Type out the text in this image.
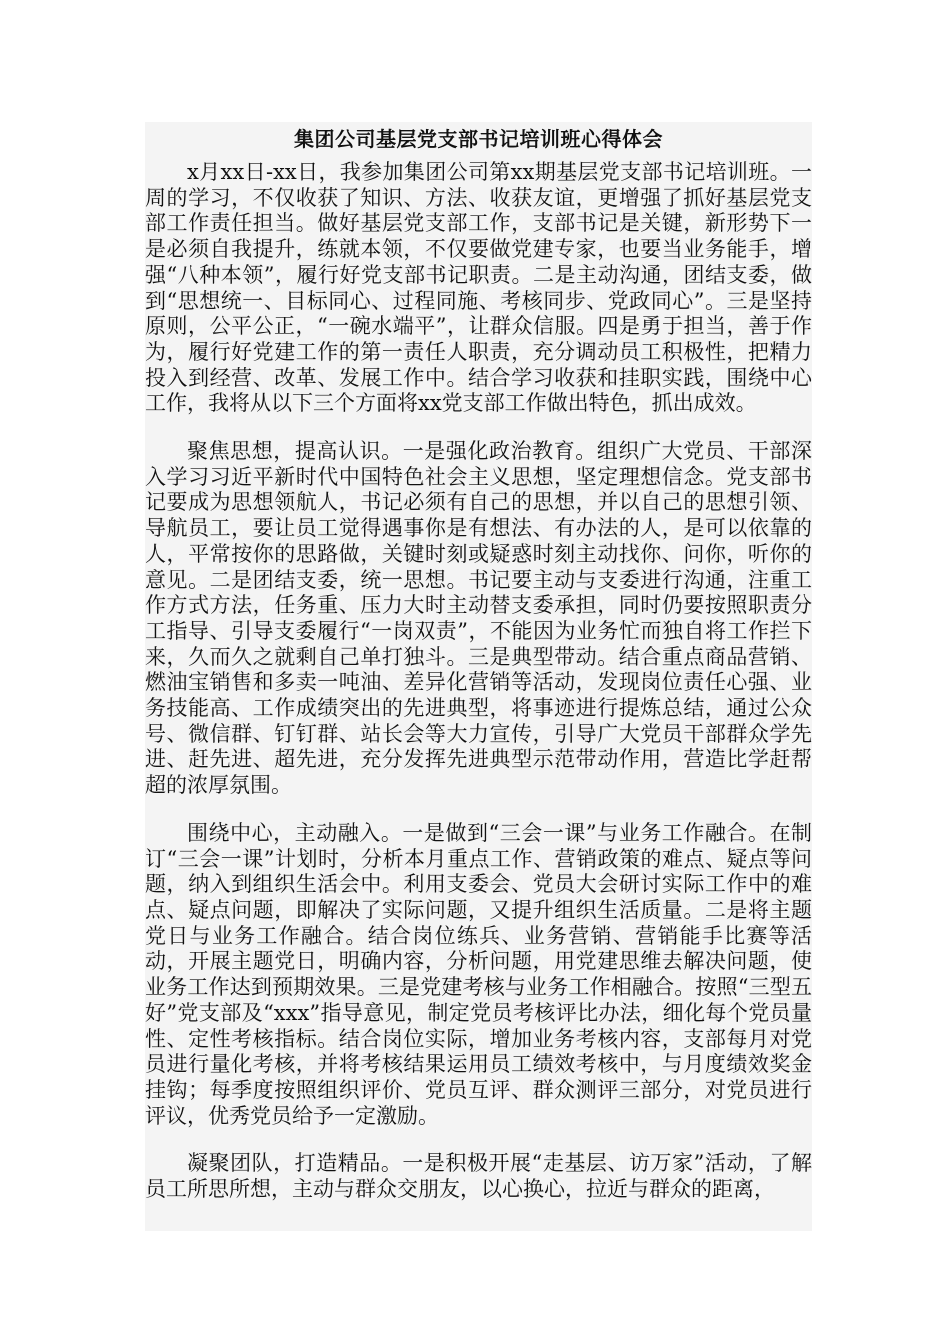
集团公司基层党支部书记培训班心得体会

x月xx日-xx日，我参加集团公司第xx期基层党支部书记培训班。一周的学习，不仅收获了知识、方法、收获友谊，更增强了抓好基层党支部工作责任担当。做好基层党支部工作，支部书记是关键，新形势下一是必须自我提升，练就本领，不仅要做党建专家，也要当业务能手，增强“八种本领”，履行好党支部书记职责。二是主动沟通，团结支委，做到“思想统一、目标同心、过程同施、考核同步、党政同心”。三是坚持原则，公平公正，“一碗水端平”，让群众信服。四是勇于担当，善于作为，履行好党建工作的第一责任人职责，充分调动员工积极性，把精力投入到经营、改革、发展工作中。结合学习收获和挂职实践，围绕中心工作，我将从以下三个方面将xx党支部工作做出特色，抓出成效。

聚焦思想，提高认识。一是强化政治教育。组织广大党员、干部深入学习习近平新时代中国特色社会主义思想，坚定理想信念。党支部书记要成为思想领航人，书记必须有自己的思想，并以自己的思想引领、导航员工，要让员工觉得遇事你是有想法、有办法的人，是可以依靠的人，平常按你的思路做，关键时刻或疑惑时刻主动找你、问你，听你的意见。二是团结支委，统一思想。书记要主动与支委进行沟通，注重工作方式方法，任务重、压力大时主动替支委承担，同时仍要按照职责分工指导、引导支委履行“一岗双责”，不能因为业务忙而独自将工作拦下来，久而久之就剩自己单打独斗。三是典型带动。结合重点商品营销、燃油宝销售和多卖一吨油、差异化营销等活动，发现岗位责任心强、业务技能高、工作成绩突出的先进典型，将事迹进行提炼总结，通过公众号、微信群、钉钉群、站长会等大力宣传，引导广大党员干部群众学先进、赶先进、超先进，充分发挥先进典型示范带动作用，营造比学赶帮超的浓厚氛围。

围绕中心，主动融入。一是做到“三会一课”与业务工作融合。在制订“三会一课”计划时，分析本月重点工作、营销政策的难点、疑点等问题，纳入到组织生活会中。利用支委会、党员大会研讨实际工作中的难点、疑点问题，即解决了实际问题，又提升组织生活质量。二是将主题党日与业务工作融合。结合岗位练兵、业务营销、营销能手比赛等活动，开展主题党日，明确内容，分析问题，用党建思维去解决问题，使业务工作达到预期效果。三是党建考核与业务工作相融合。按照“三型五好”党支部及“xxx”指导意见，制定党员考核评比办法，细化每个党员量性、定性考核指标。结合岗位实际，增加业务考核内容，支部每月对党员进行量化考核，并将考核结果运用员工绩效考核中，与月度绩效奖金挂钩；每季度按照组织评价、党员互评、群众测评三部分，对党员进行评议，优秀党员给予一定激励。

凝聚团队，打造精品。一是积极开展“走基层、访万家”活动，了解员工所思所想，主动与群众交朋友，以心换心，拉近与群众的距离，
